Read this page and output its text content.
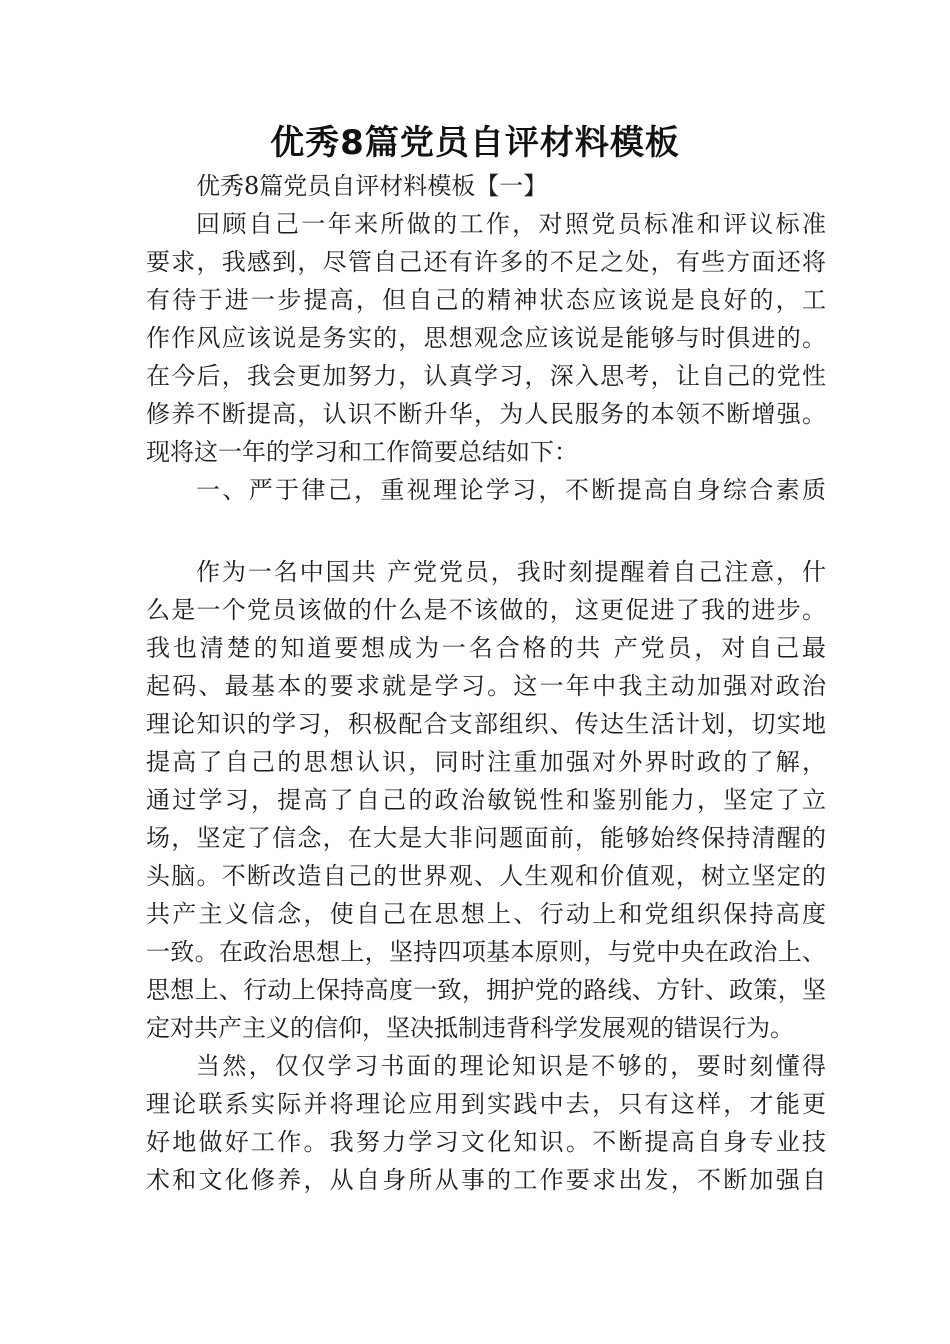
优秀8篇党员自评材料模板

优秀8篇党员自评材料模板【一】

回顾自己一年来所做的工作，对照党员标准和评议标准

要求，我感到，尽管自己还有许多的不足之处，有些方面还将

有待于进一步提高，但自己的精神状态应该说是良好的，工

作作风应该说是务实的，思想观念应该说是能够与时俱进的。

在今后，我会更加努力，认真学习，深入思考，让自己的党性

修养不断提高，认识不断升华，为人民服务的本领不断增强。

现将这一年的学习和工作简要总结如下：

一、严于律己，重视理论学习，不断提高自身综合素质

作为一名中国共 产党党员，我时刻提醒着自己注意，什

么是一个党员该做的什么是不该做的，这更促进了我的进步。

我也清楚的知道要想成为一名合格的共 产党员，对自己最

起码、最基本的要求就是学习。这一年中我主动加强对政治

理论知识的学习，积极配合支部组织、传达生活计划，切实地

提高了自己的思想认识，同时注重加强对外界时政的了解，

通过学习，提高了自己的政治敏锐性和鉴别能力，坚定了立

场，坚定了信念，在大是大非问题面前，能够始终保持清醒的

头脑。不断改造自己的世界观、人生观和价值观，树立坚定的

共产主义信念，使自己在思想上、行动上和党组织保持高度

一致。在政治思想上，坚持四项基本原则，与党中央在政治上、

思想上、行动上保持高度一致，拥护党的路线、方针、政策，坚

定对共产主义的信仰，坚决抵制违背科学发展观的错误行为。

当然，仅仅学习书面的理论知识是不够的，要时刻懂得

理论联系实际并将理论应用到实践中去，只有这样，才能更

好地做好工作。我努力学习文化知识。不断提高自身专业技

术和文化修养，从自身所从事的工作要求出发，不断加强自
